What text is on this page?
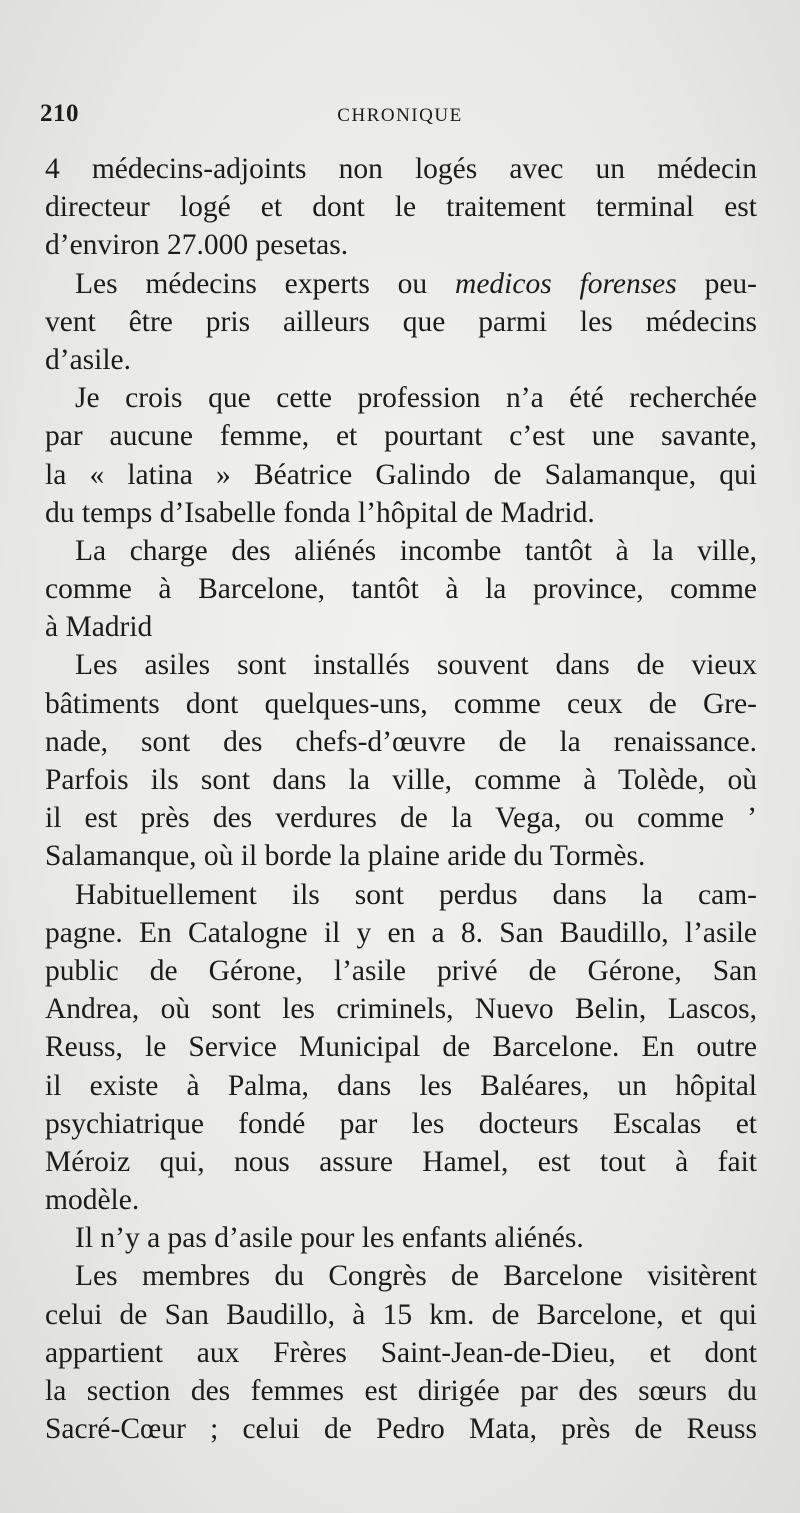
210	CHRONIQUE
4 médecins-adjoints non logés avec un médecin
directeur logé et dont le traitement terminal est
d’environ 27.000 pesetas.
Les médecins experts ou medicos forenses peu-
vent être pris ailleurs que parmi les médecins
d’asile.
Je crois que cette profession n’a été recherchée
par aucune femme, et pourtant c’est une savante,
la « latina » Béatrice Galindo de Salamanque, qui
du temps d’Isabelle fonda l’hôpital de Madrid.
La charge des aliénés incombe tantôt à la ville,
comme à Barcelone, tantôt à la province, comme
à Madrid
Les asiles sont installés souvent dans de vieux
bâtiments dont quelques-uns, comme ceux de Gre-
nade, sont des chefs-d’œuvre de la renaissance.
Parfois ils sont dans la ville, comme à Tolède, où
il est près des verdures de la Vega, ou comme ’
Salamanque, où il borde la plaine aride du Tormès.
Habituellement ils sont perdus dans la cam-
pagne. En Catalogne il y en a 8. San Baudillo, l’asile
public de Gérone, l’asile privé de Gérone, San
Andrea, où sont les criminels, Nuevo Belin, Lascos,
Reuss, le Service Municipal de Barcelone. En outre
il existe à Palma, dans les Baléares, un hôpital
psychiatrique fondé par les docteurs Escalas et
Méroiz qui, nous assure Hamel, est tout à fait
modèle.
Il n’y a pas d’asile pour les enfants aliénés.
Les membres du Congrès de Barcelone visitèrent
celui de San Baudillo, à 15 km. de Barcelone, et qui
appartient aux Frères Saint-Jean-de-Dieu, et dont
la section des femmes est dirigée par des sœurs du
Sacré-Cœur ; celui de Pedro Mata, près de Reuss
